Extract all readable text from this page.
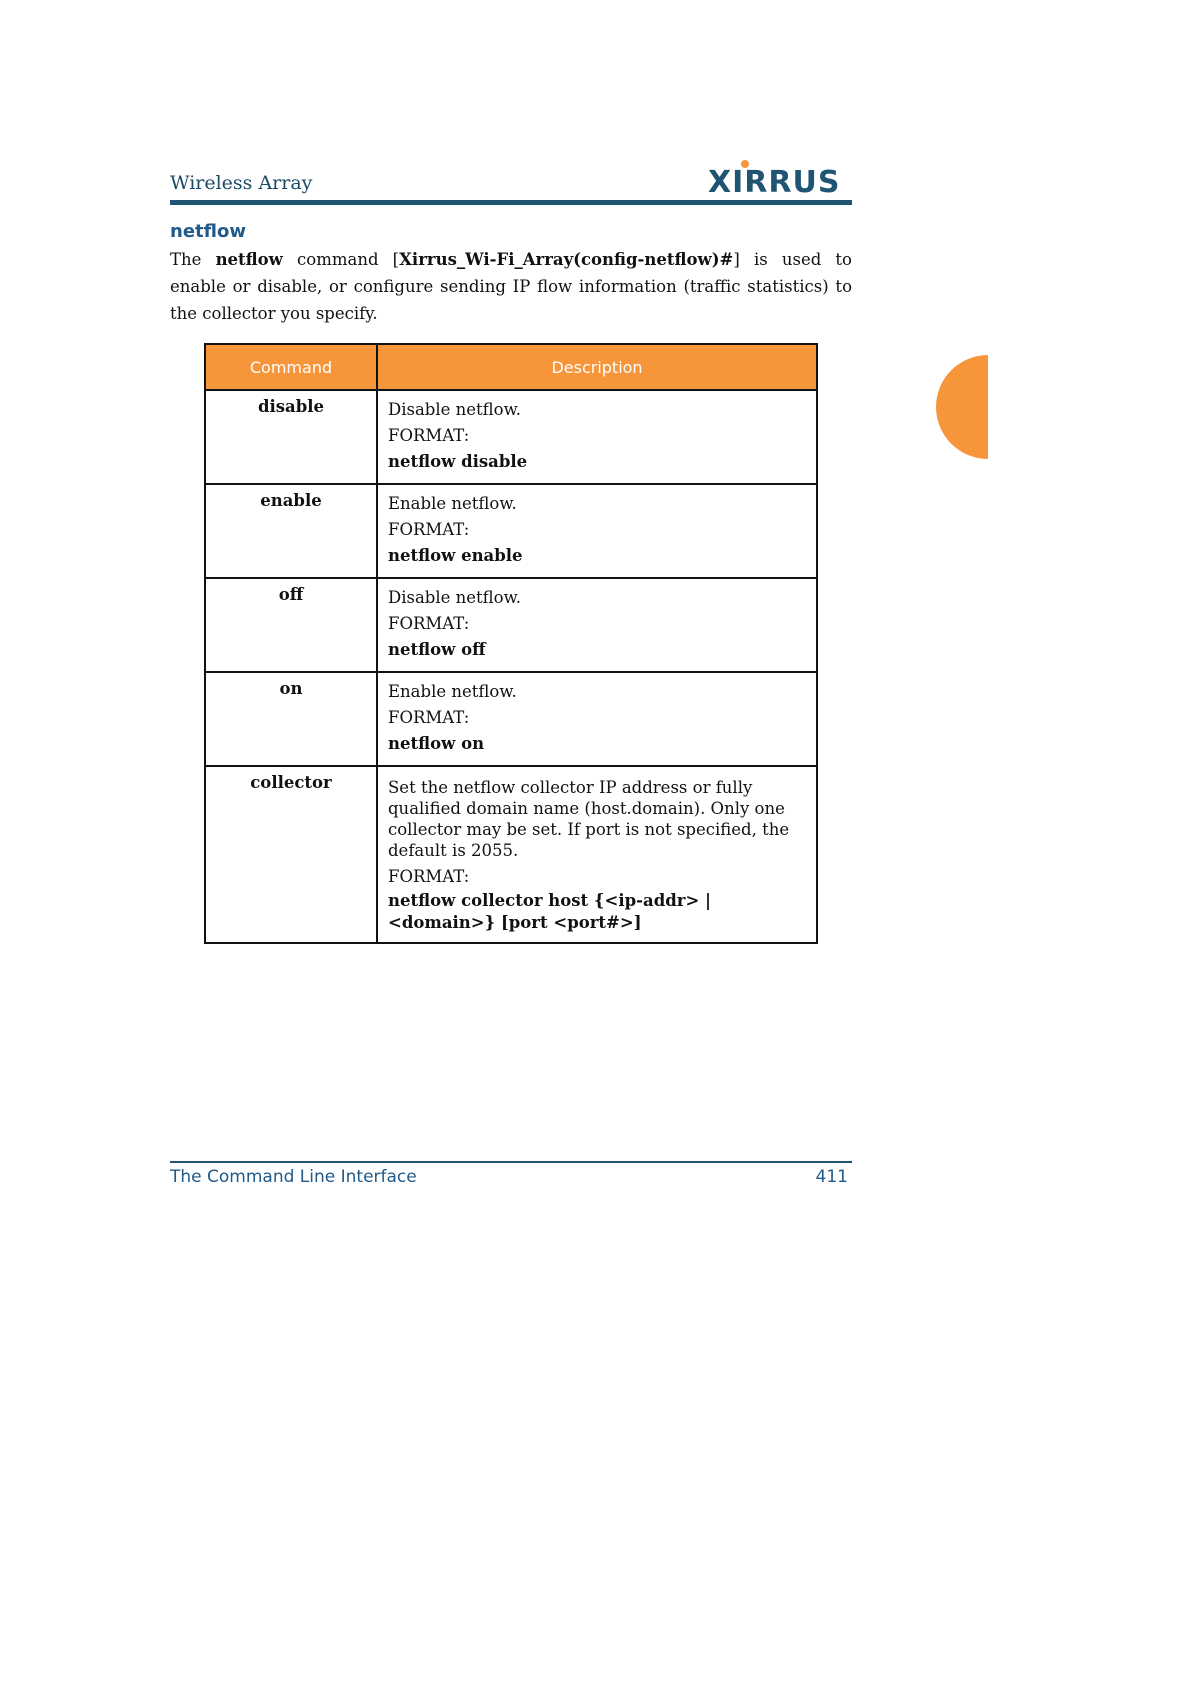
Wireless Array	XIRRUS
netflow
The netflow command [Xirrus_Wi-Fi_Array(config-netflow)#] is used to enable or disable, or configure sending IP flow information (traffic statistics) to the collector you specify.
Command	Description
disable	Disable netflow.
FORMAT:
netflow disable

enable	Enable netflow.
FORMAT:
netflow enable

off	Disable netflow.
FORMAT:
netflow off

on	Enable netflow.
FORMAT:
netflow on

collector	Set the netflow collector IP address or fully qualified domain name (host.domain). Only one collector may be set. If port is not specified, the default is 2055.
FORMAT:
netflow collector host {<ip-addr> | <domain>} [port <port#>]
The Command Line Interface	411
